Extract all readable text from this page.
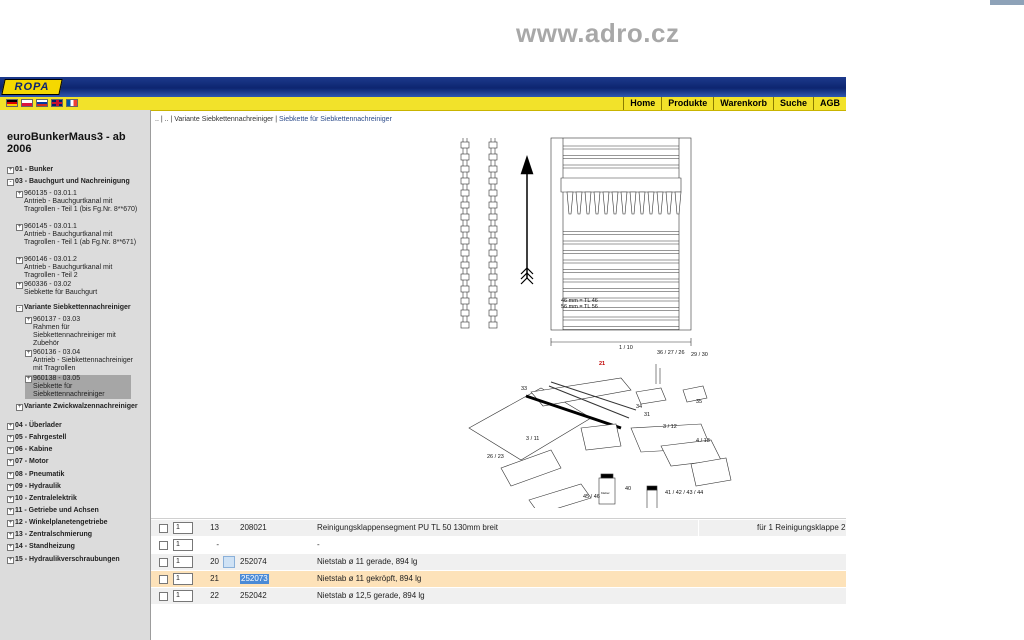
www.adro.cz
ROPA
Home	Produkte	Warenkorb	Suche	AGB
euroBunkerMaus3 - ab 2006
+ 01 - Bunker
- 03 - Bauchgurt und Nachreinigung
+ 960135 - 03.01.1
Antrieb - Bauchgurtkanal mit Tragrollen - Teil 1 (bis Fg.Nr. 8**670)
+ 960145 - 03.01.1
Antrieb - Bauchgurtkanal mit Tragrollen - Teil 1 (ab Fg.Nr. 8**671)
+ 960146 - 03.01.2
Antrieb - Bauchgurtkanal mit Tragrollen - Teil 2
+ 960336 - 03.02
Siebkette für Bauchgurt
- Variante Siebkettennachreiniger
+ 960137 - 03.03
Rahmen für Siebkettennachreiniger mit Zubehör
+ 960136 - 03.04
Antrieb - Siebkettennachreiniger mit Tragrollen
+ 960138 - 03.05
Siebkette für Siebkettennachreiniger
+ Variante Zwickwalzennachreiniger
+ 04 - Überlader
+ 05 - Fahrgestell
+ 06 - Kabine
+ 07 - Motor
+ 08 - Pneumatik
+ 09 - Hydraulik
+ 10 - Zentralelektrik
+ 11 - Getriebe und Achsen
+ 12 - Winkelplanetengetriebe
+ 13 - Zentralschmierung
+ 14 - Standheizung
+ 15 - Hydraulikverschraubungen
.. | .. | Variante Siebkettennachreiniger | Siebkette für Siebkettennachreiniger
21
33
36 / 27 / 26 29 / 30
34
31
35
3 / 12
4 / 13
3 / 11
26 / 23
45 / 46
40
41 / 42 / 43 / 44
1 / 10
46 mm = TL 46
56 mm = TL 56
Kleber
1	13	208021	Reinigungsklappensegment PU TL 50 130mm breit	für 1 Reinigungsklappe 2
1	-	-
1	20	252074	Nietstab ø 11 gerade, 894 lg
1	21	252073	Nietstab ø 11 gekröpft, 894 lg
1	22	252042	Nietstab ø 12,5 gerade, 894 lg
